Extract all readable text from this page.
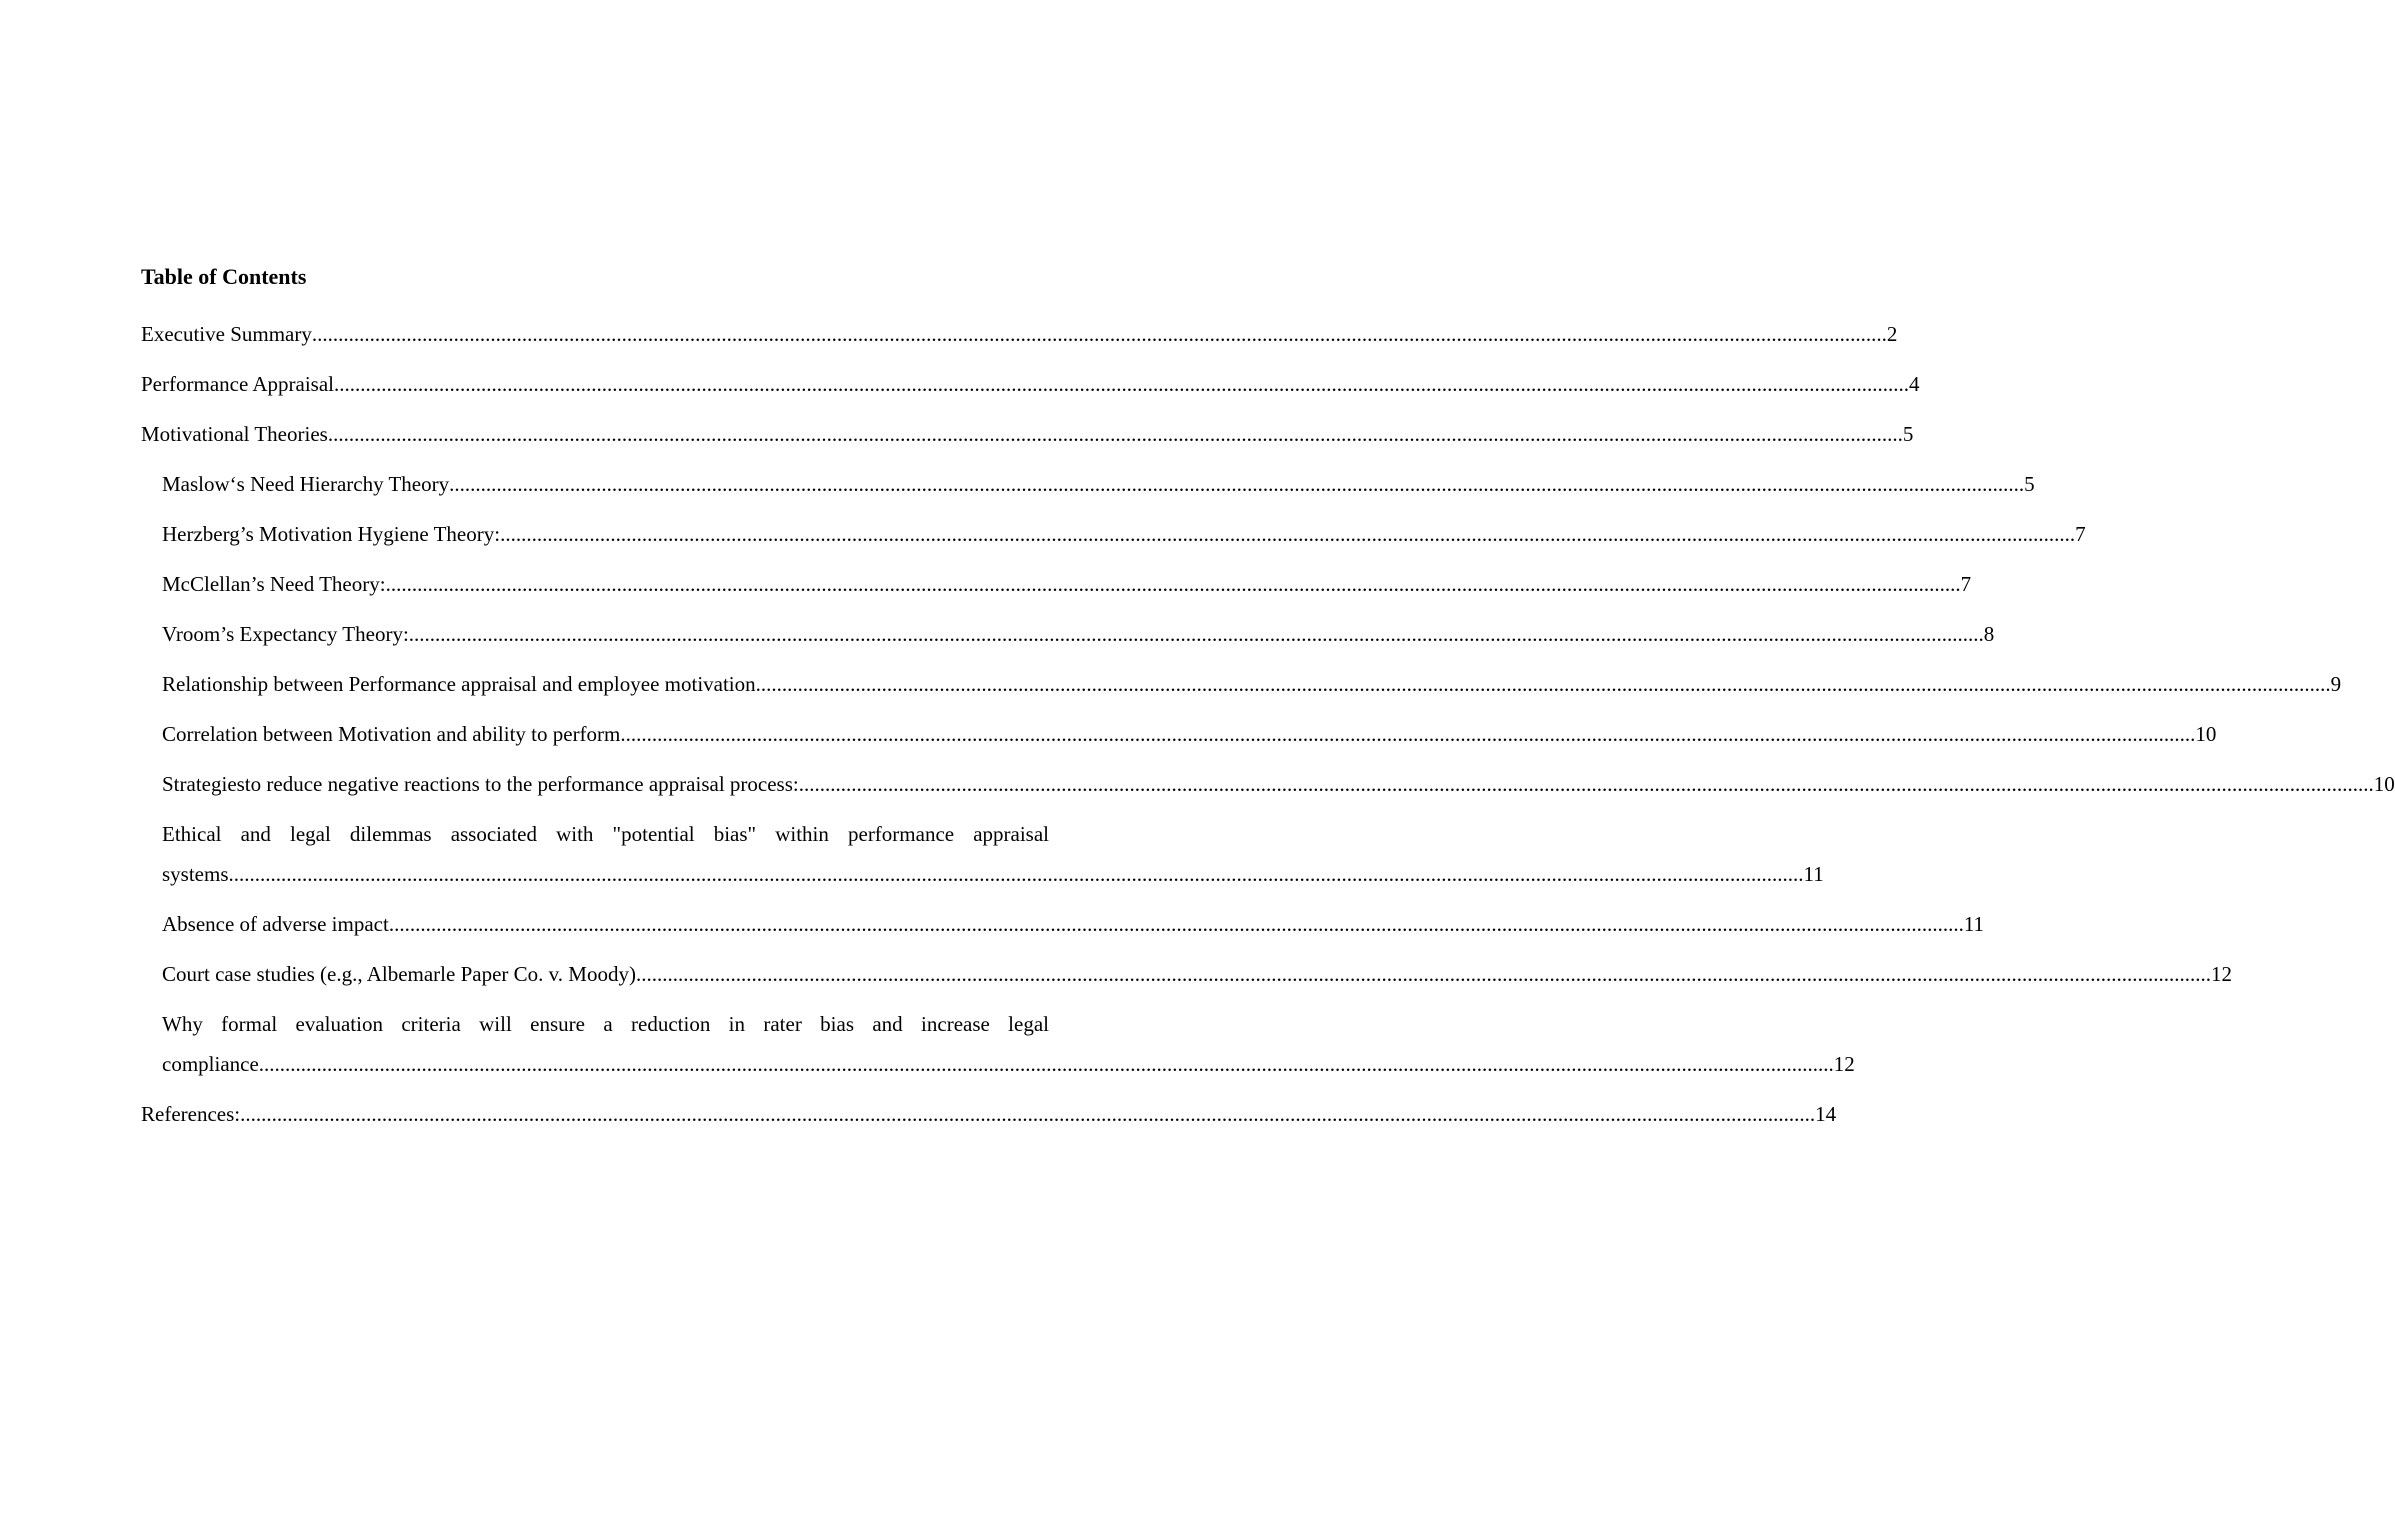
Table of Contents
Executive Summary ............................................................................................................................................................................................................................................................................................................ 2
Performance Appraisal ............................................................................................................................................................................................................................................................................................................ 4
Motivational Theories ............................................................................................................................................................................................................................................................................................................ 5
Maslow‘s Need Hierarchy Theory ............................................................................................................................................................................................................................................................................................................ 5
Herzberg’s Motivation Hygiene Theory: ............................................................................................................................................................................................................................................................................................................ 7
McClellan’s Need Theory: ............................................................................................................................................................................................................................................................................................................ 7
Vroom’s Expectancy Theory: ............................................................................................................................................................................................................................................................................................................ 8
Relationship between Performance appraisal and employee motivation ............................................................................................................................................................................................................................................................................................................ 9
Correlation between Motivation and ability to perform ............................................................................................................................................................................................................................................................................................................ 10
Strategiesto reduce negative reactions to the performance appraisal process: ............................................................................................................................................................................................................................................................................................................ 10
Ethical and legal dilemmas associated with "potential bias" within performance appraisal
systems ............................................................................................................................................................................................................................................................................................................ 11
Absence of adverse impact ............................................................................................................................................................................................................................................................................................................ 11
Court case studies (e.g., Albemarle Paper Co. v. Moody) ............................................................................................................................................................................................................................................................................................................ 12
Why formal evaluation criteria will ensure a reduction in rater bias and increase legal
compliance ............................................................................................................................................................................................................................................................................................................ 12
References: ............................................................................................................................................................................................................................................................................................................ 14
